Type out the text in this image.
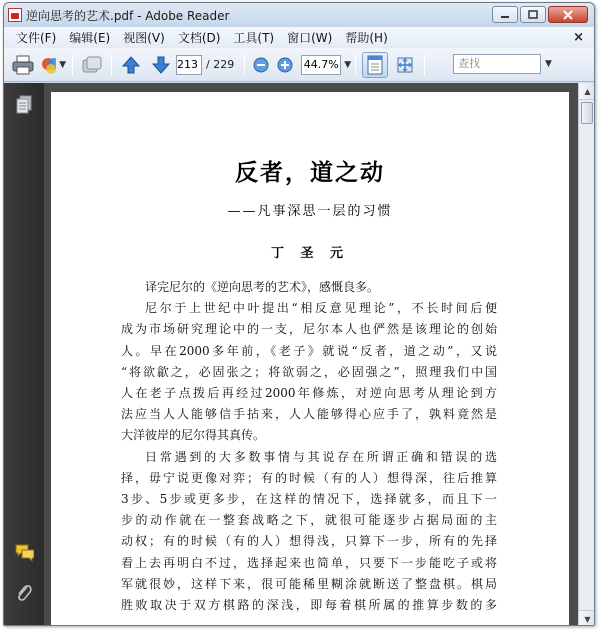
逆向思考的艺术.pdf - Adobe Reader
文件(F)	编辑(E)	视图(V)	文档(D)	工具(T)	窗口(W)	帮助(H)	×
▼	213 / 229	44.7% ▼	查找	▼
反者，道之动
——凡事深思一层的习惯
丁 圣 元
译完尼尔的《逆向思考的艺术》，感慨良多。
尼尔于上世纪中叶提出“相反意见理论”，不长时间后便
成为市场研究理论中的一支，尼尔本人也俨然是该理论的创始
人。早在2000多年前，《老子》就说“反者，道之动”，又说
“将欲歙之，必固张之；将欲弱之，必固强之”，照理我们中国
人在老子点拨后再经过2000年修炼，对逆向思考从理论到方
法应当人人能够信手拈来，人人能够得心应手了，孰料竟然是
大洋彼岸的尼尔得其真传。
日常遇到的大多数事情与其说存在所谓正确和错误的选
择，毋宁说更像对弈；有的时候（有的人）想得深，往后推算
3步、5步或更多步，在这样的情况下，选择就多，而且下一
步的动作就在一整套战略之下，就很可能逐步占据局面的主
动权；有的时候（有的人）想得浅，只算下一步，所有的先择
看上去再明白不过，选择起来也简单，只要下一步能吃子或将
军就很妙，这样下来，很可能稀里糊涂就断送了整盘棋。棋局
胜败取决于双方棋路的深浅，即每着棋所属的推算步数的多
▲
▼
